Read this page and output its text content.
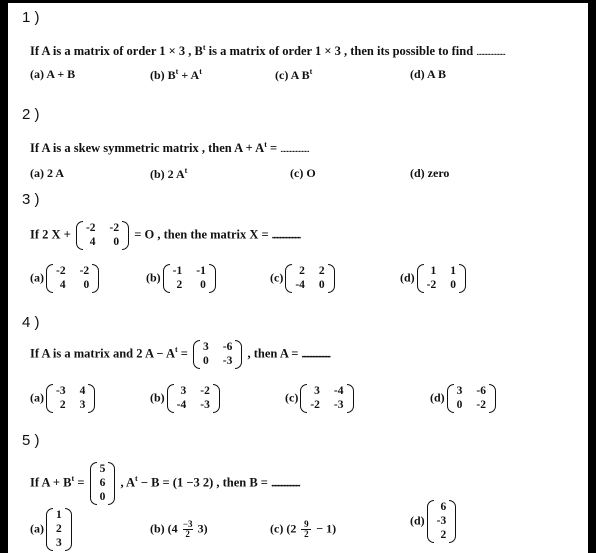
1 )
If A is a matrix of order 1 × 3 , $B^t$ is a matrix of order 1 × 3 , then its possible to find ...................
(a) A + B	(b) $B^t + A^t$	(c) A $B^t$	(d) A B
2 )
If A is a skew symmetric matrix , then $A + A^t$ = ...................
(a) 2 A	(b) 2 $A^t$	(c) O	(d) zero
3 )
If 2 X + -2 -2
4	0
= O , then the matrix X = ...................
(a) -2 -2
4	0
(b) -1 -1
2	0
(c)	2 2
-4 0
(d)	1 1
-2 0
4 )
If A is a matrix and 2 $A - A^t = 3$ -6
0 -3
, then A = ...................
(a) -3 4
2 3
(b)	3 -2
-4 -3
(c)	3 -4
-2 -3
(d) 3 -6
0 -2
5 )
If $A + B^t$ =
5
6
0
, $A^t - B = (1 -3$ 2) , then B = ...................
(a)
1
2
3
(b) $(4 \frac{-3}{2} 3)$	(c) $(2 \frac{9}{2} - 1)$
(d)
6
-3
2
